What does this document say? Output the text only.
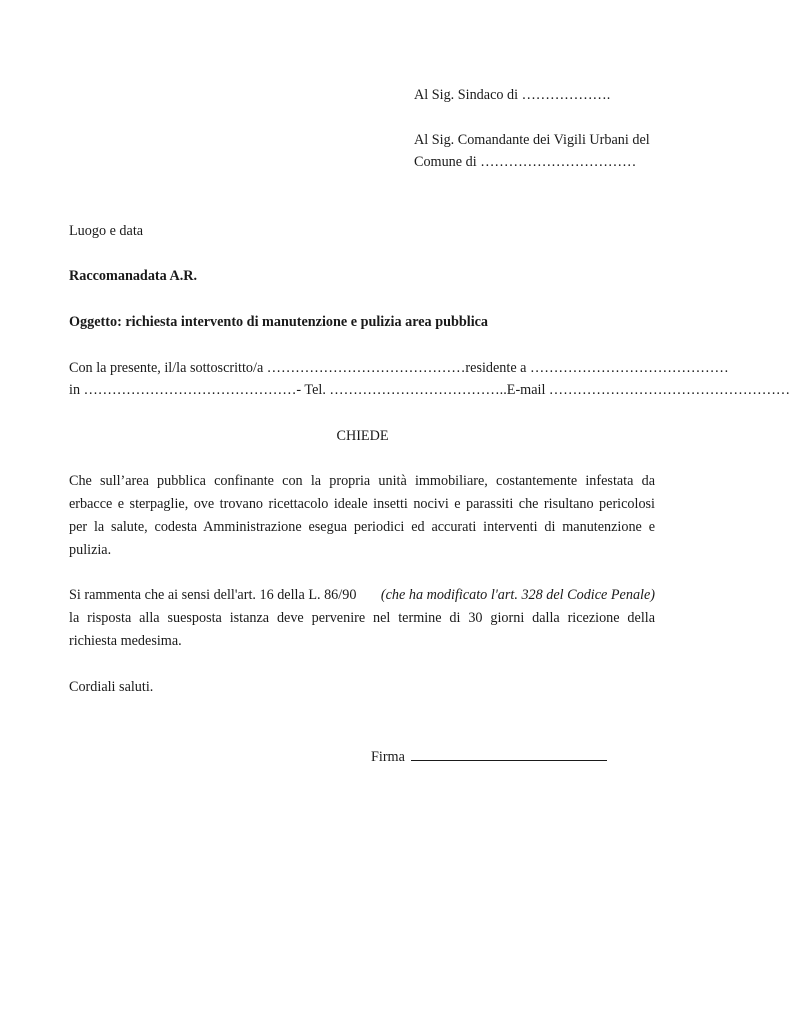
Al Sig. Sindaco di ……………….
Al Sig. Comandante dei Vigili Urbani del
Comune di ……………………………
Luogo e data
Raccomanadata A.R.
Oggetto: richiesta intervento di manutenzione e pulizia area pubblica
Con la presente, il/la sottoscritto/a …………………………………… residente a ……………………………………
in ……………………………………… - Tel. ……………………………….. E-mail ……………………………………………
CHIEDE
Che sull’area pubblica confinante con la propria unità immobiliare, costantemente infestata da
erbacce e sterpaglie, ove trovano ricettacolo ideale insetti nocivi e parassiti che risultano pericolosi
per la salute, codesta Amministrazione esegua periodici ed accurati interventi di manutenzione e
pulizia.
Si rammenta che ai sensi dell'art. 16 della L. 86/90 (che ha modificato l'art. 328 del Codice Penale)
la risposta alla suesposta istanza deve pervenire nel termine di 30 giorni dalla ricezione della
richiesta medesima.
Cordiali saluti.
Firma
